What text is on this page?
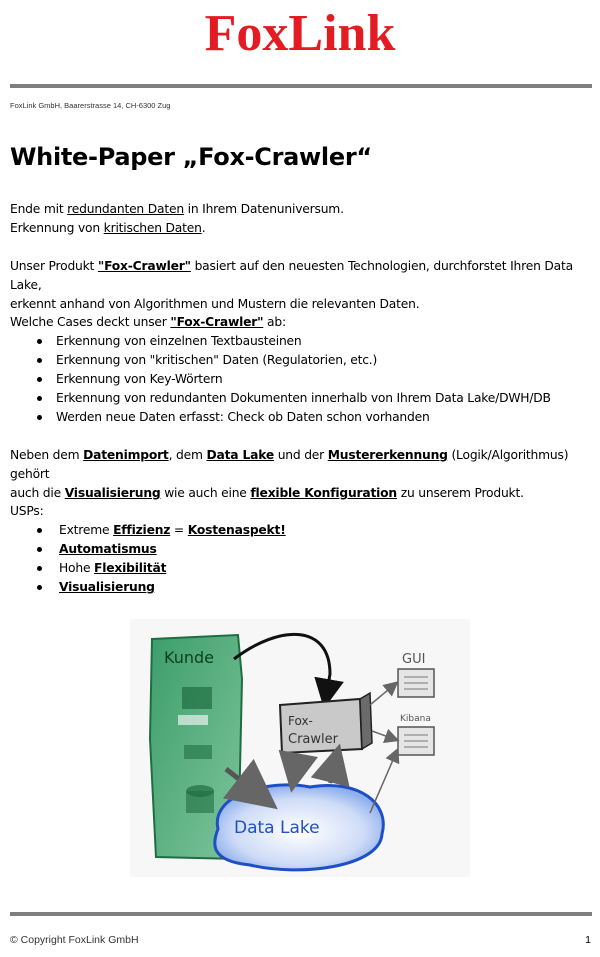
FoxLink
FoxLink GmbH, Baarerstrasse 14, CH-6300 Zug
White-Paper „Fox-Crawler“
Ende mit redundanten Daten in Ihrem Datenuniversum.
Erkennung von kritischen Daten.
Unser Produkt "Fox-Crawler" basiert auf den neuesten Technologien, durchforstet Ihren Data Lake,
erkennt anhand von Algorithmen und Mustern die relevanten Daten.
Welche Cases deckt unser "Fox-Crawler" ab:
Erkennung von einzelnen Textbausteinen
Erkennung von "kritischen" Daten (Regulatorien, etc.)
Erkennung von Key-Wörtern
Erkennung von redundanten Dokumenten innerhalb von Ihrem Data Lake/DWH/DB
Werden neue Daten erfasst: Check ob Daten schon vorhanden
Neben dem Datenimport, dem Data Lake und der Mustererkennung (Logik/Algorithmus) gehört
auch die Visualisierung wie auch eine flexible Konfiguration zu unserem Produkt.
USPs:
Extreme Effizienz = Kostenaspekt!
Automatismus
Hohe Flexibilität
Visualisierung
Kunde
Fox-
Crawler
GUI
Kibana
Data Lake
© Copyright FoxLink GmbH	1
